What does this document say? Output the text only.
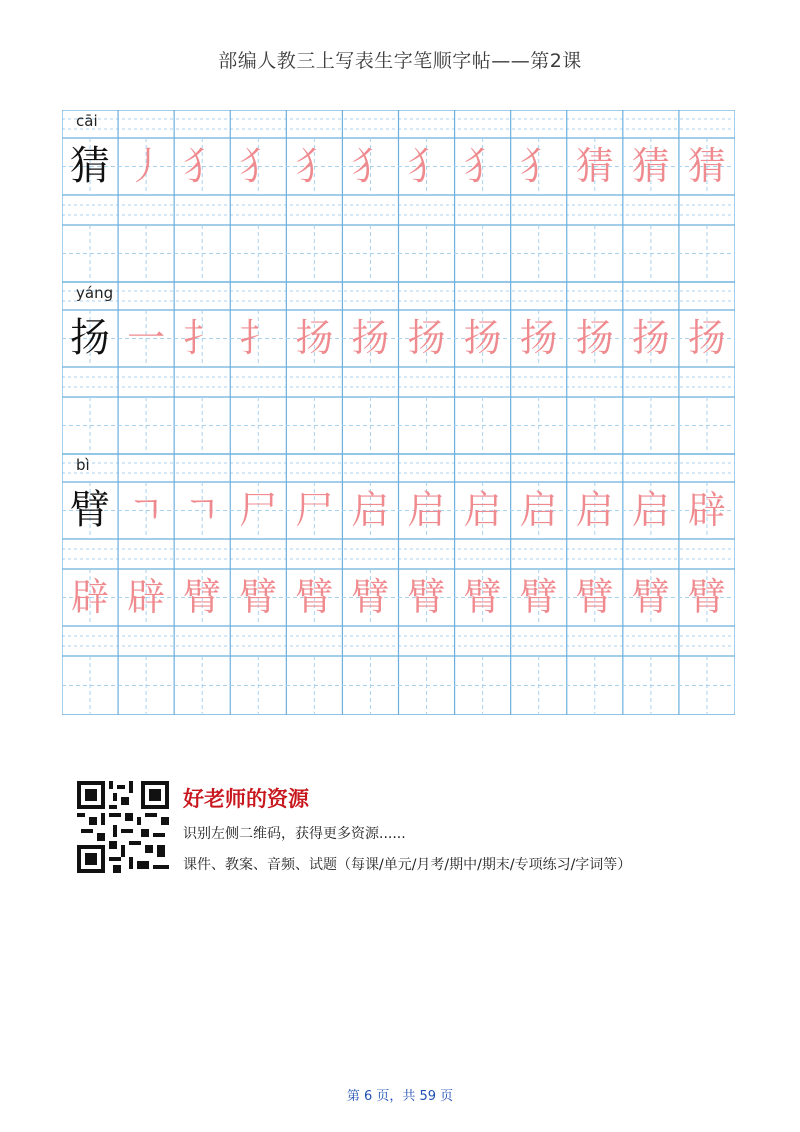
部编人教三上写表生字笔顺字帖——第2课
cāi
猜 丿 犭 犭 犭 犭 犭 犭 犭 猜 猜 猜
yáng
扬 一 扌 扌 扬 扬 扬 扬 扬 扬 扬 扬
bì
臂 ㄱ ㄱ 尸 尸 启 启 启 启 启 启 辟
辟 辟 臂 臂 臂 臂 臂 臂 臂 臂 臂 臂
好老师的资源
识别左侧二维码，获得更多资源......
课件、教案、音频、试题（每课/单元/月考/期中/期末/专项练习/字词等）
第 6 页，共 59 页
